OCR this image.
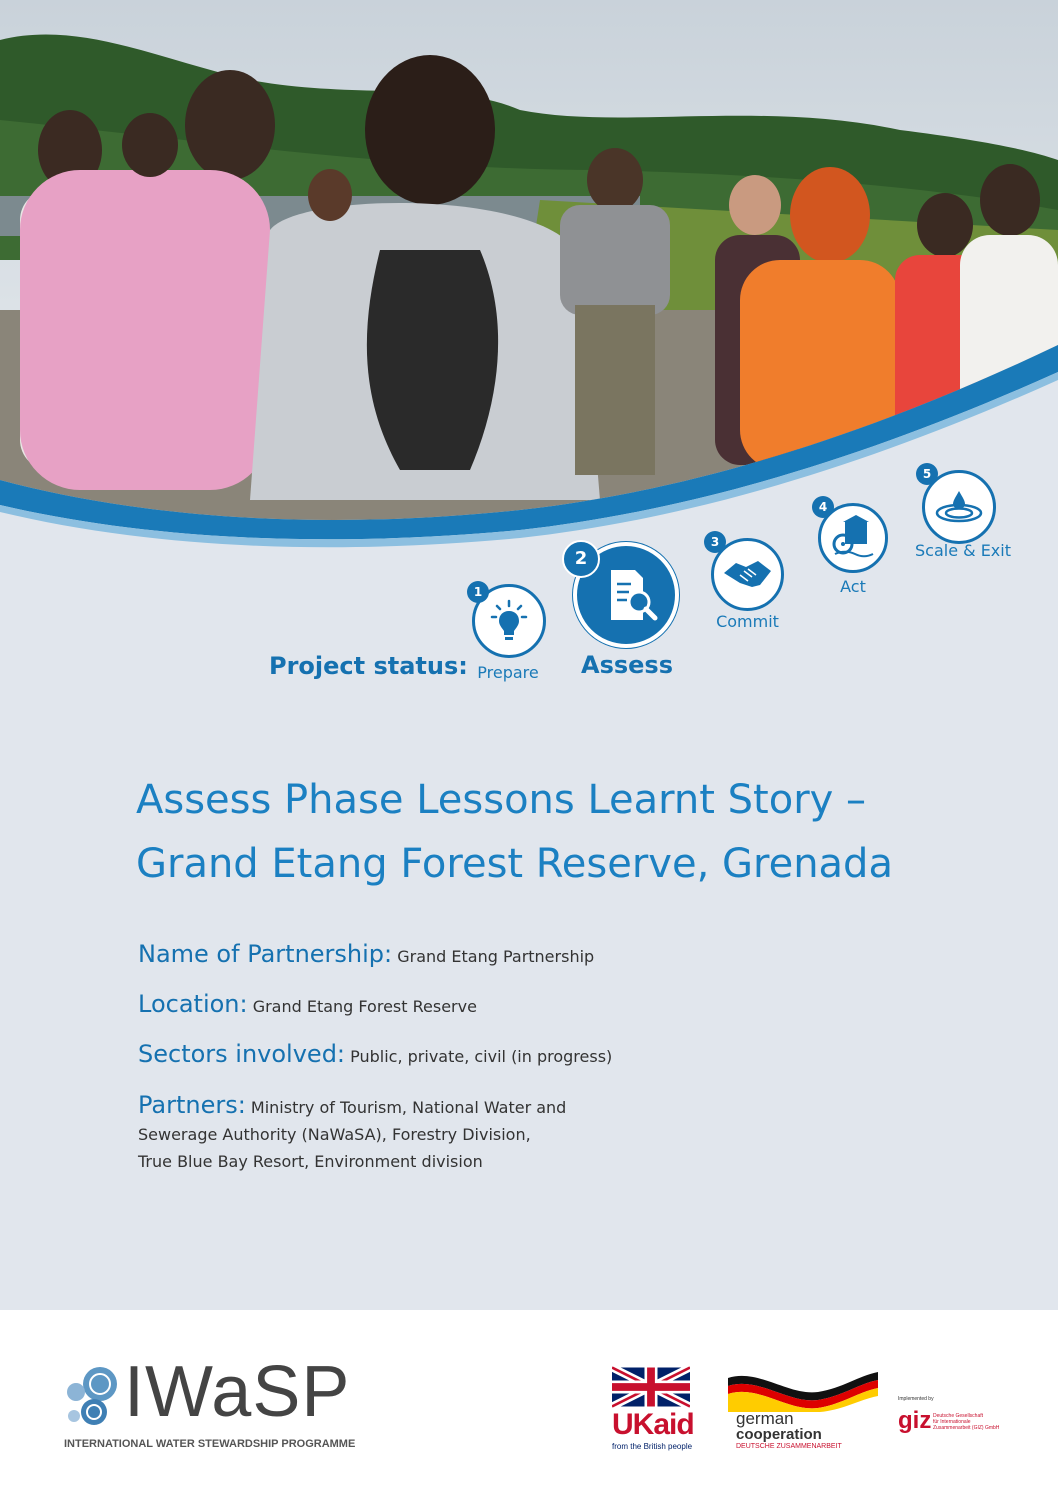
5
Scale & Exit
4
Act
3
Commit
2
Assess
1
Prepare
Project status:
Assess Phase Lessons Learnt Story –
Grand Etang Forest Reserve, Grenada
Name of Partnership: Grand Etang Partnership
Location: Grand Etang Forest Reserve
Sectors involved: Public, private, civil (in progress)
Partners: Ministry of Tourism, National Water and
Sewerage Authority (NaWaSA), Forestry Division,
True Blue Bay Resort, Environment division
IWaSP
INTERNATIONAL WATER STEWARDSHIP PROGRAMME
UKaid
from the British people
german
cooperation
DEUTSCHE ZUSAMMENARBEIT
Implemented by
giz Deutsche Gesellschaft
für Internationale
Zusammenarbeit (GIZ) GmbH
